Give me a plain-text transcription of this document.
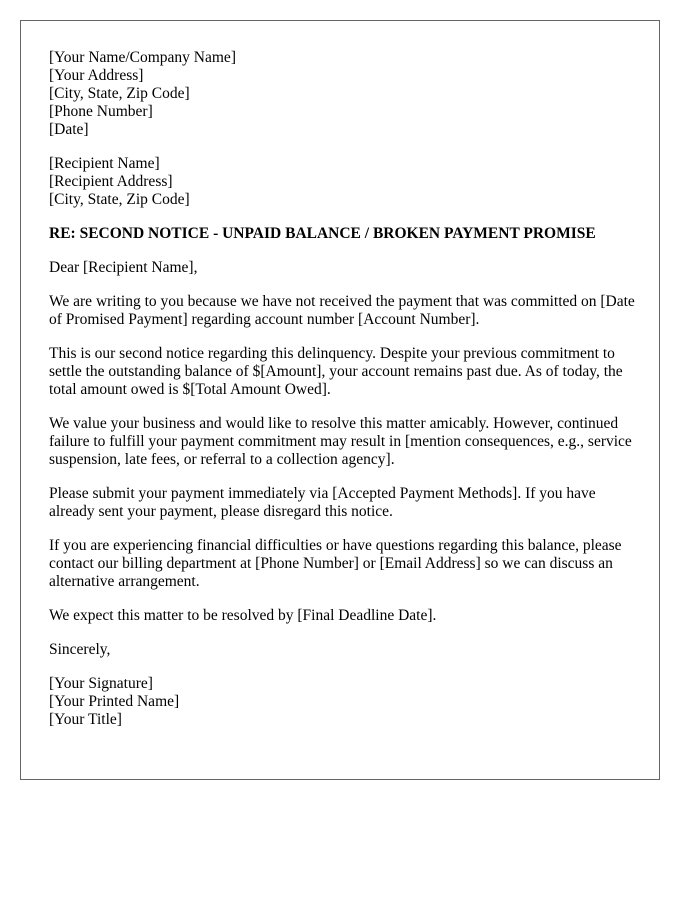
[Your Name/Company Name]
[Your Address]
[City, State, Zip Code]
[Phone Number]
[Date]
[Recipient Name]
[Recipient Address]
[City, State, Zip Code]

RE: SECOND NOTICE - UNPAID BALANCE / BROKEN PAYMENT PROMISE

Dear [Recipient Name],

We are writing to you because we have not received the payment that was committed on [Date of Promised Payment] regarding account number [Account Number].

This is our second notice regarding this delinquency. Despite your previous commitment to settle the outstanding balance of $[Amount], your account remains past due. As of today, the total amount owed is $[Total Amount Owed].

We value your business and would like to resolve this matter amicably. However, continued failure to fulfill your payment commitment may result in [mention consequences, e.g., service suspension, late fees, or referral to a collection agency].

Please submit your payment immediately via [Accepted Payment Methods]. If you have already sent your payment, please disregard this notice.

If you are experiencing financial difficulties or have questions regarding this balance, please contact our billing department at [Phone Number] or [Email Address] so we can discuss an alternative arrangement.

We expect this matter to be resolved by [Final Deadline Date].

Sincerely,

[Your Signature]
[Your Printed Name]
[Your Title]
